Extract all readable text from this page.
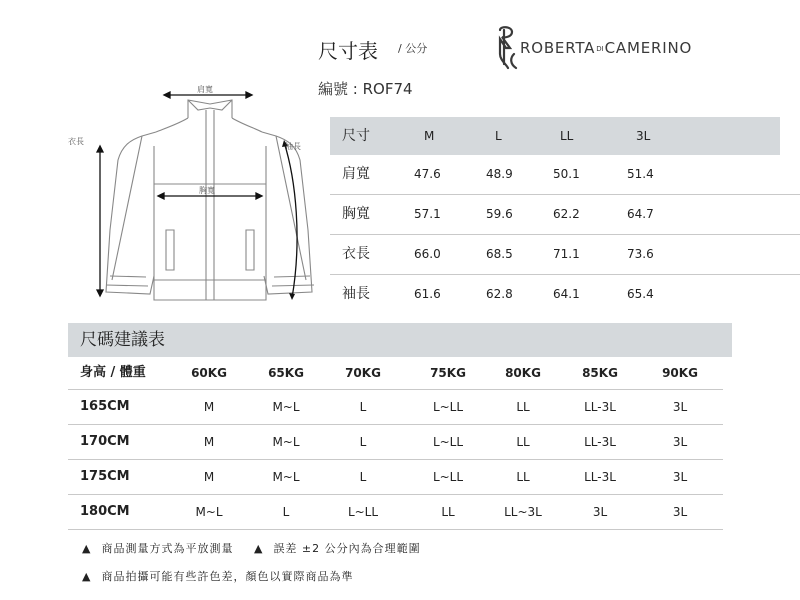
尺寸表 / 公分
編號 : ROF74
ROBERTADICAMERINO
肩寬
胸寬
衣長
袖長
尺寸	M	L	LL	3L
肩寬	47.6	48.9	50.1	51.4
胸寬	57.1	59.6	62.2	64.7
衣長	66.0	68.5	71.1	73.6
袖長	61.6	62.8	64.1	65.4
尺碼建議表
身高 / 體重	60KG	65KG	70KG	75KG	80KG	85KG	90KG
165CM	M	M~L	L	L~LL	LL	LL-3L	3L
170CM	M	M~L	L	L~LL	LL	LL-3L	3L
175CM	M	M~L	L	L~LL	LL	LL-3L	3L
180CM	M~L	L	L~LL	LL	LL~3L	3L	3L
▲ 商品測量方式為平放測量 ▲ 誤差 ±2 公分內為合理範圍
▲ 商品拍攝可能有些許色差，顏色以實際商品為準
